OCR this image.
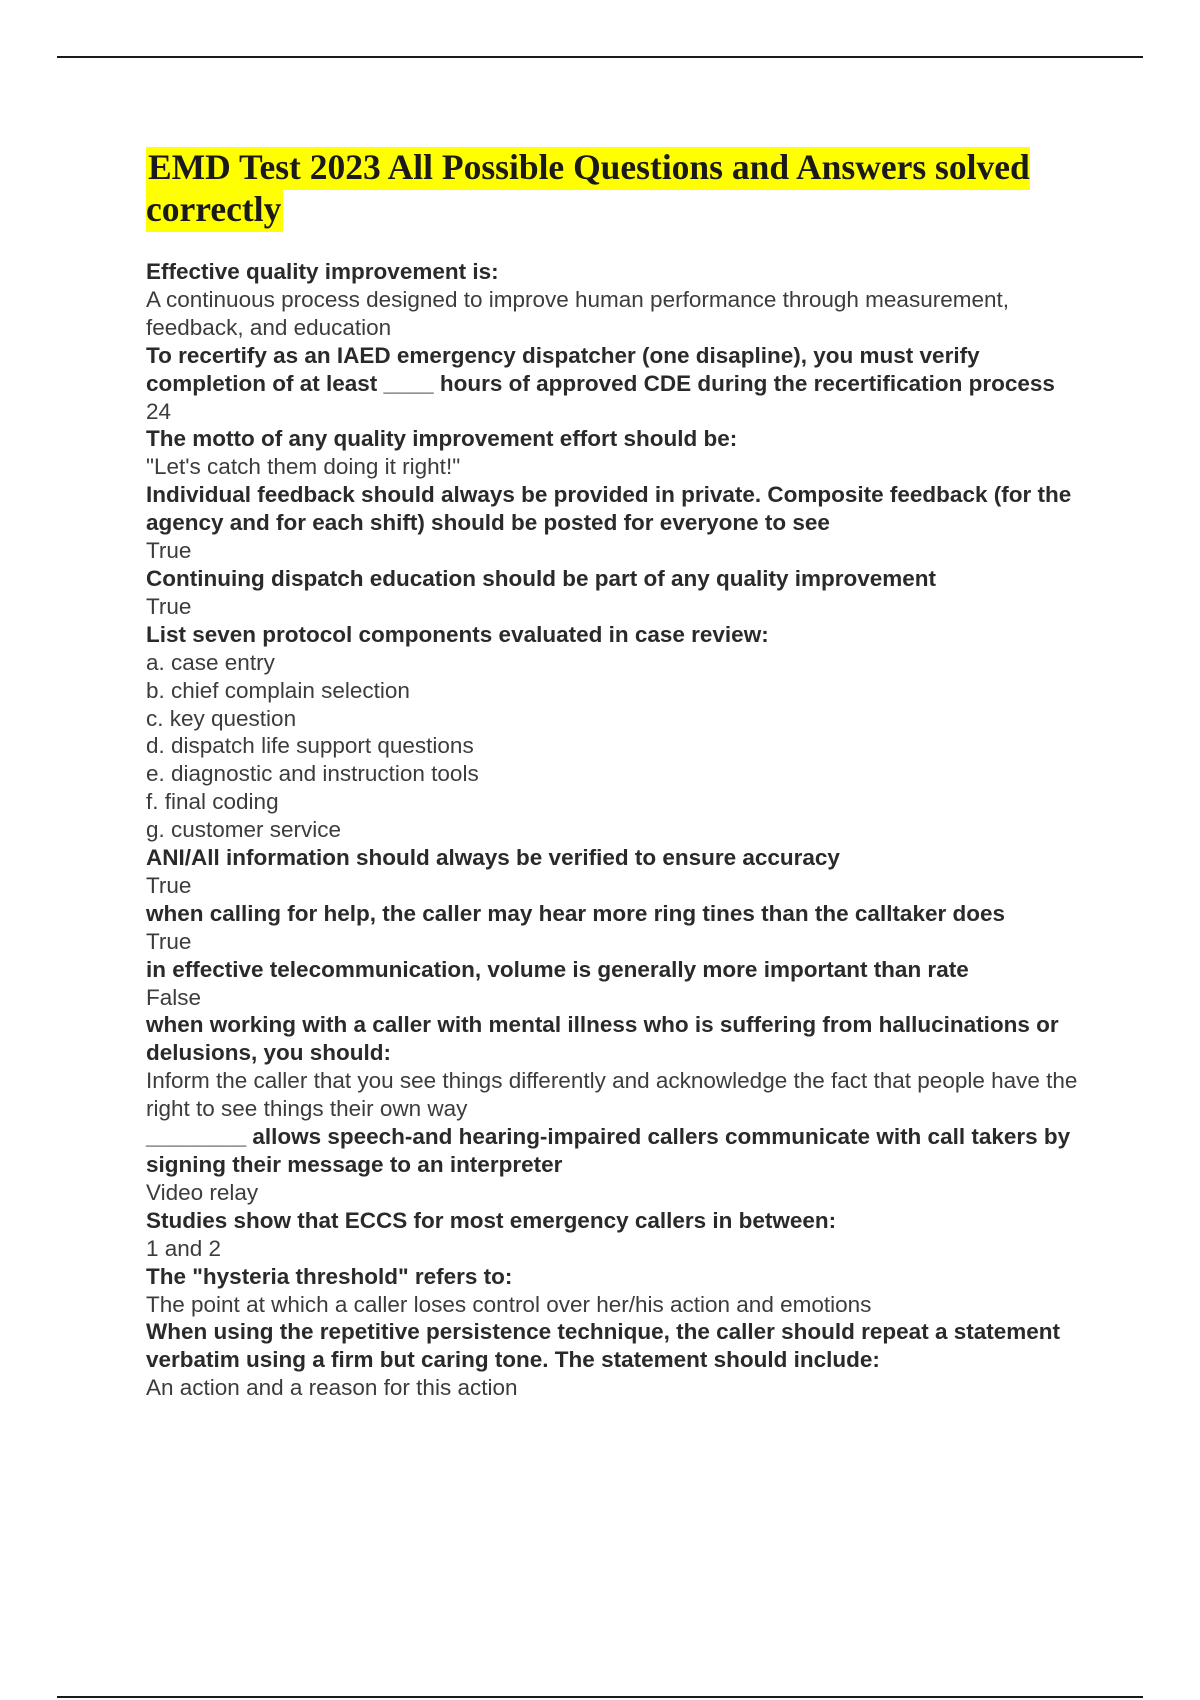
EMD Test 2023 All Possible Questions and Answers solved correctly
Effective quality improvement is:
A continuous process designed to improve human performance through measurement, feedback, and education
To recertify as an IAED emergency dispatcher (one disapline), you must verify completion of at least ____ hours of approved CDE during the recertification process
24
The motto of any quality improvement effort should be:
"Let's catch them doing it right!"
Individual feedback should always be provided in private. Composite feedback (for the agency and for each shift) should be posted for everyone to see
True
Continuing dispatch education should be part of any quality improvement
True
List seven protocol components evaluated in case review:
a. case entry
b. chief complain selection
c. key question
d. dispatch life support questions
e. diagnostic and instruction tools
f. final coding
g. customer service
ANI/All information should always be verified to ensure accuracy
True
when calling for help, the caller may hear more ring tines than the calltaker does
True
in effective telecommunication, volume is generally more important than rate
False
when working with a caller with mental illness who is suffering from hallucinations or delusions, you should:
Inform the caller that you see things differently and acknowledge the fact that people have the right to see things their own way
________ allows speech-and hearing-impaired callers communicate with call takers by signing their message to an interpreter
Video relay
Studies show that ECCS for most emergency callers in between:
1 and 2
The "hysteria threshold" refers to:
The point at which a caller loses control over her/his action and emotions
When using the repetitive persistence technique, the caller should repeat a statement verbatim using a firm but caring tone. The statement should include:
An action and a reason for this action
